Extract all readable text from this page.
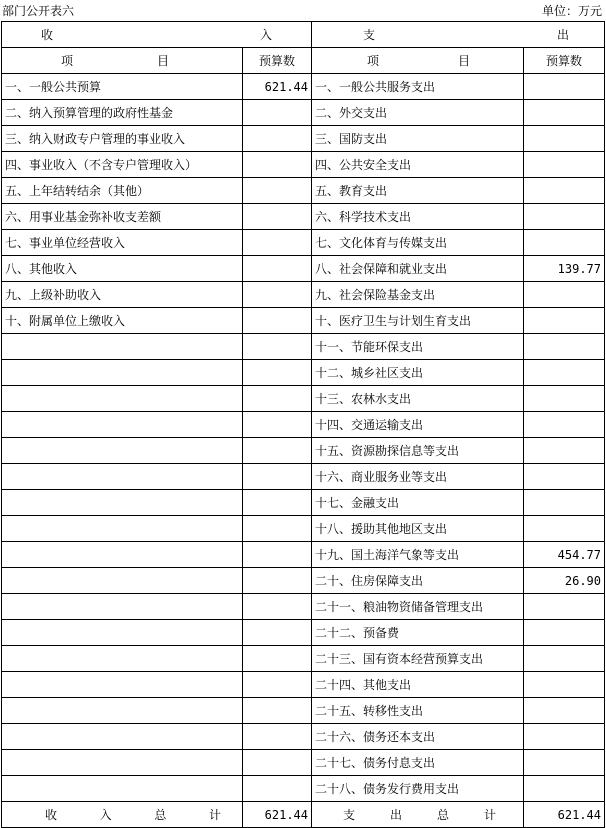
部门公开表六	单位：万元
收 入		支 出	

项 目	预算数	项 目	预算数
一、一般公共预算	621.44	一、一般公共服务支出	
二、纳入预算管理的政府性基金		二、外交支出	
三、纳入财政专户管理的事业收入		三、国防支出	
四、事业收入（不含专户管理收入）		四、公共安全支出	
五、上年结转结余（其他）		五、教育支出	
六、用事业基金弥补收支差额		六、科学技术支出	
七、事业单位经营收入		七、文化体育与传媒支出	
八、其他收入		八、社会保障和就业支出	139.77
九、上级补助收入		九、社会保险基金支出	
十、附属单位上缴收入		十、医疗卫生与计划生育支出	
		十一、节能环保支出	
		十二、城乡社区支出	
		十三、农林水支出	
		十四、交通运输支出	
		十五、资源勘探信息等支出	
		十六、商业服务业等支出	
		十七、金融支出	
		十八、援助其他地区支出	
		十九、国土海洋气象等支出	454.77
		二十、住房保障支出	26.90
		二十一、粮油物资储备管理支出	
		二十二、预备费	
		二十三、国有资本经营预算支出	
		二十四、其他支出	
		二十五、转移性支出	
		二十六、债务还本支出	
		二十七、债务付息支出	
		二十八、债务发行费用支出	

收 入 总 计	621.44	支 出 总 计	621.44
